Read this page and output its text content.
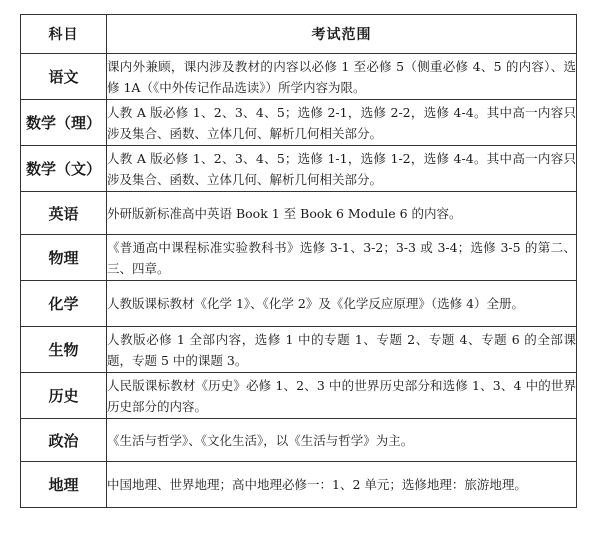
科目	考试范围
语文	课内外兼顾，课内涉及教材的内容以必修 1 至必修 5（侧重必修 4、5 的内容）、选修 1A（《中外传记作品选读》）所学内容为限。
数学（理）	人教 A 版必修 1、2、3、4、5；选修 2-1，选修 2-2，选修 4-4。其中高一内容只涉及集合、函数、立体几何、解析几何相关部分。
数学（文）	人教 A 版必修 1、2、3、4、5；选修 1-1，选修 1-2，选修 4-4。其中高一内容只涉及集合、函数、立体几何、解析几何相关部分。
英语	外研版新标准高中英语 Book 1 至 Book 6 Module 6 的内容。
物理	《普通高中课程标准实验教科书》选修 3-1、3-2；3-3 或 3-4；选修 3-5 的第二、三、四章。
化学	人教版课标教材《化学 1》、《化学 2》及《化学反应原理》（选修 4）全册。
生物	人教版必修 1 全部内容，选修 1 中的专题 1、专题 2、专题 4、专题 6 的全部课题，专题 5 中的课题 3。
历史	人民版课标教材《历史》必修 1、2、3 中的世界历史部分和选修 1、3、4 中的世界历史部分的内容。
政治	《生活与哲学》、《文化生活》，以《生活与哲学》为主。
地理	中国地理、世界地理；高中地理必修一：1、2 单元；选修地理：旅游地理。
